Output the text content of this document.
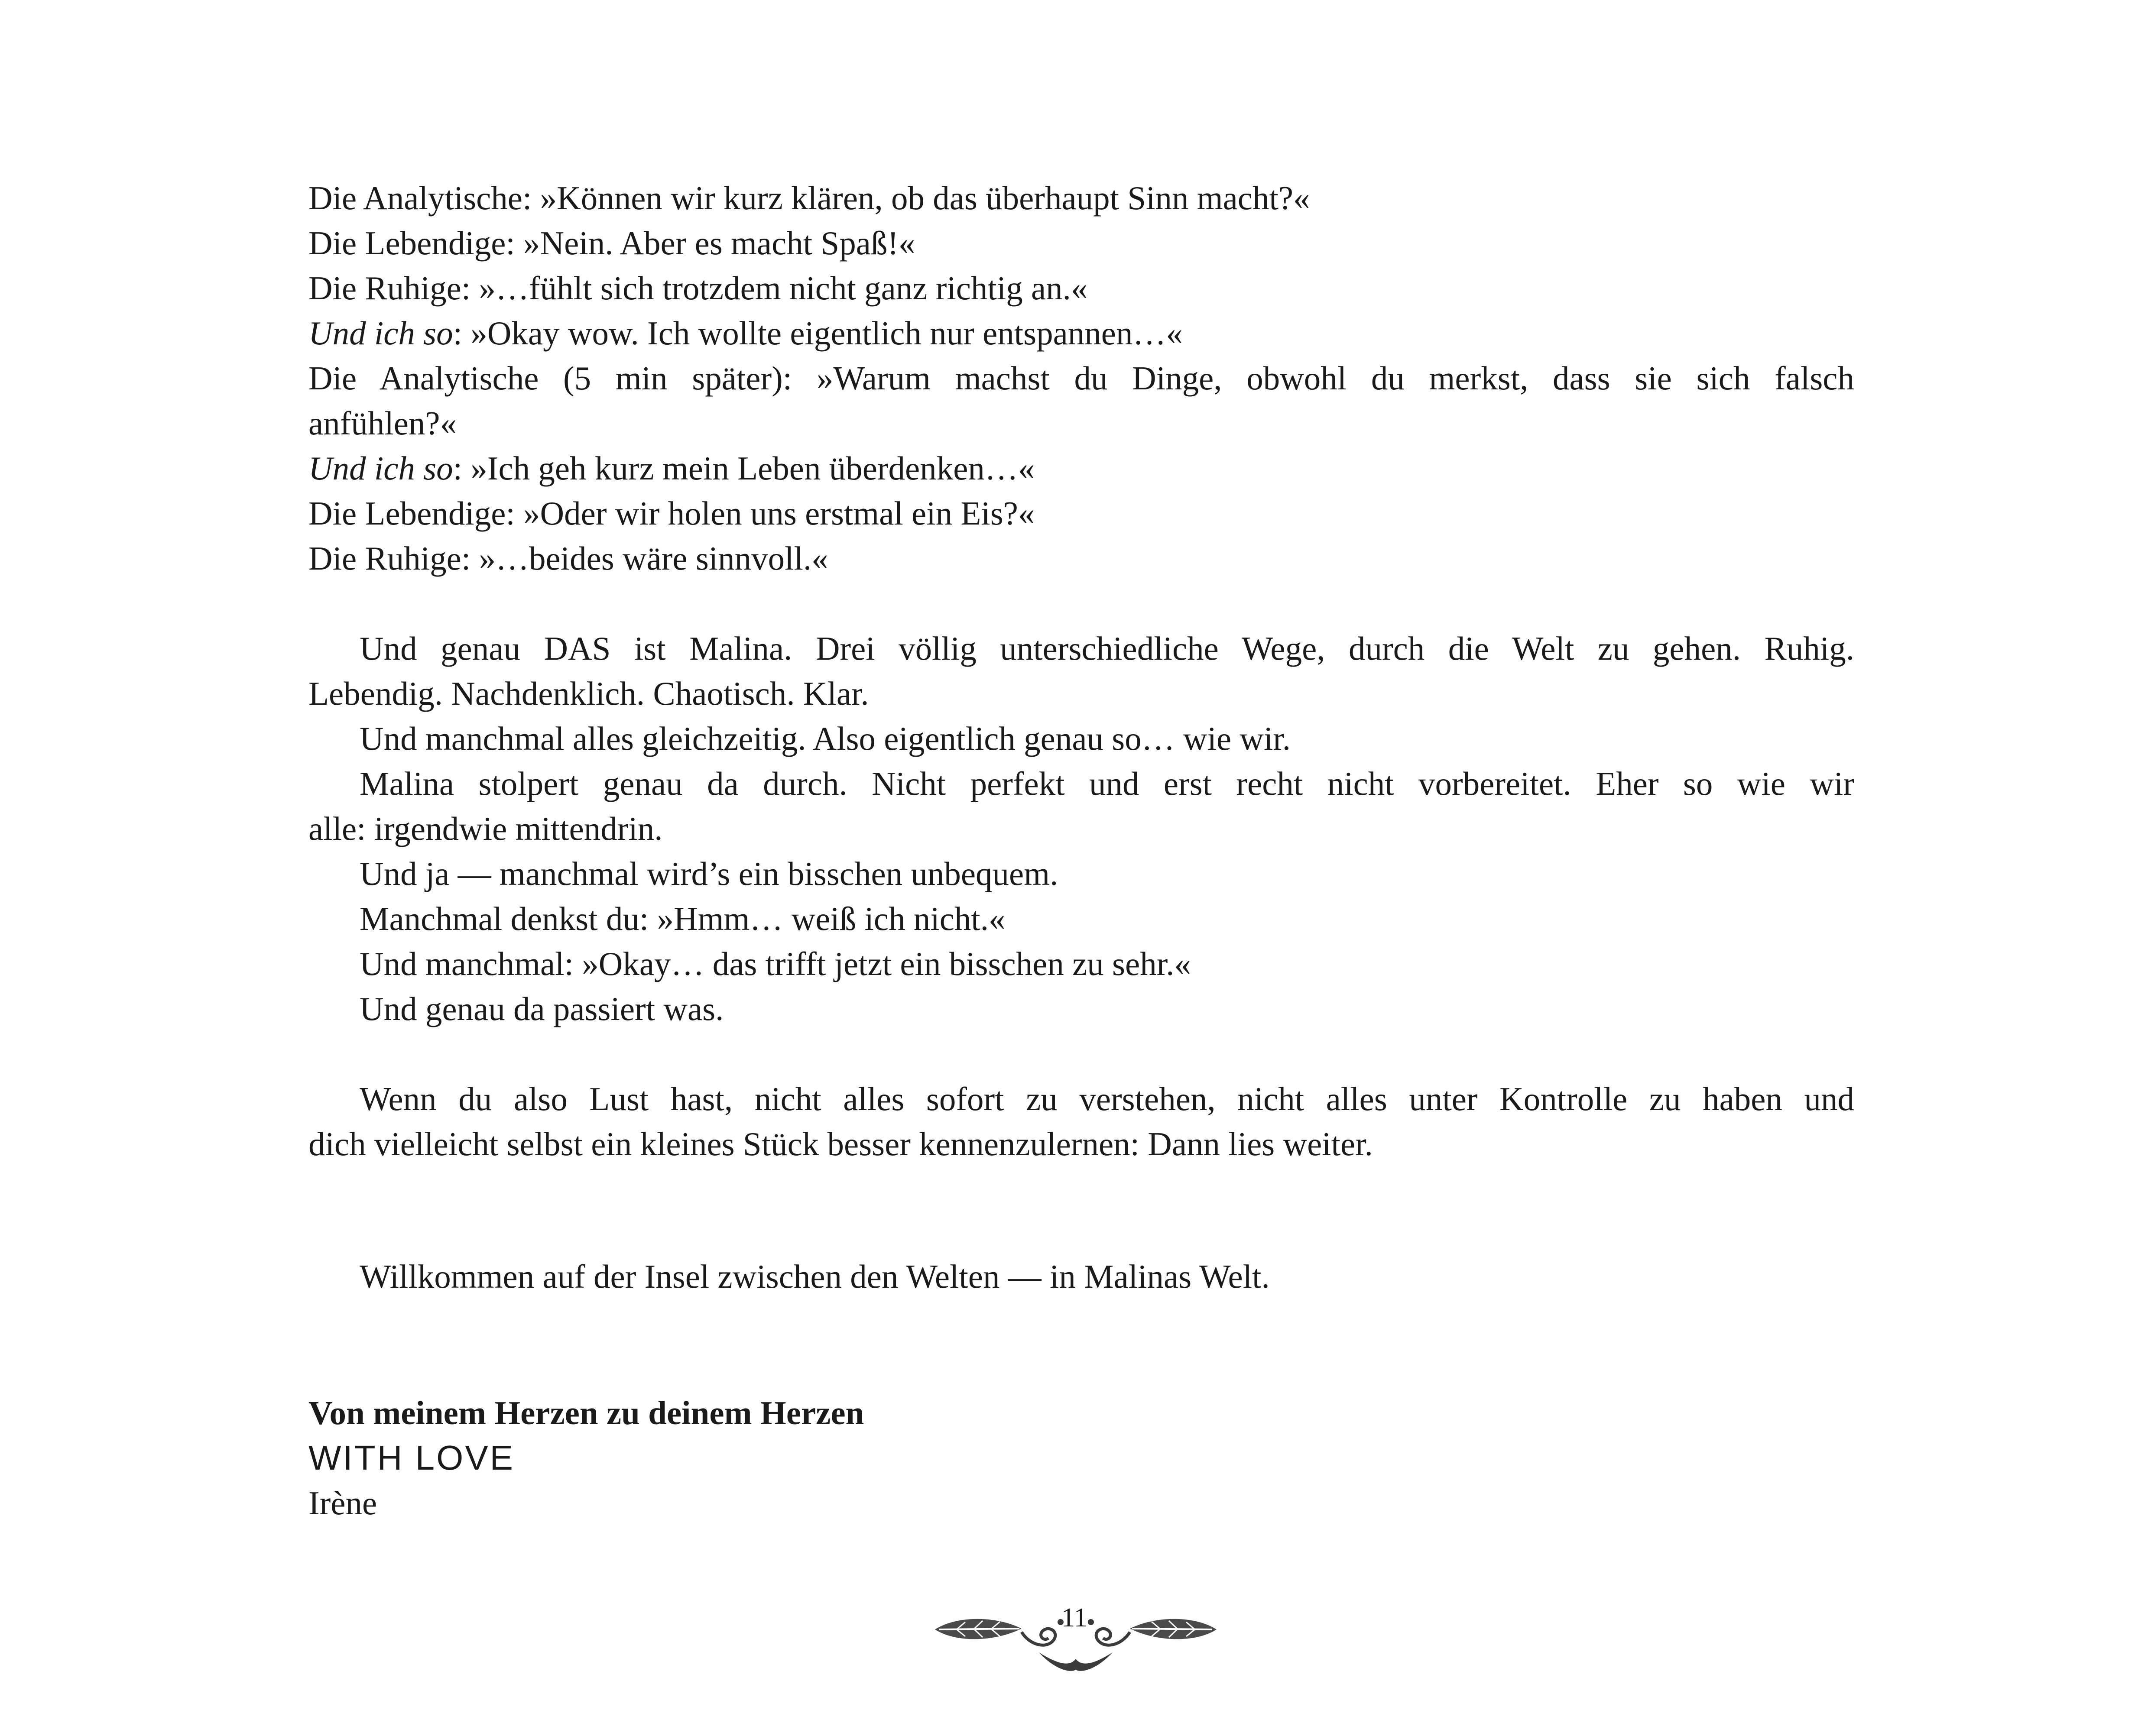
Die Analytische: »Können wir kurz klären, ob das überhaupt Sinn macht?«
Die Lebendige: »Nein. Aber es macht Spaß!«
Die Ruhige: »…fühlt sich trotzdem nicht ganz richtig an.«
Und ich so: »Okay wow. Ich wollte eigentlich nur entspannen…«
Die Analytische (5 min später): »Warum machst du Dinge, obwohl du merkst, dass sie sich falsch
anfühlen?«
Und ich so: »Ich geh kurz mein Leben überdenken…«
Die Lebendige: »Oder wir holen uns erstmal ein Eis?«
Die Ruhige: »…beides wäre sinnvoll.«
Und genau DAS ist Malina. Drei völlig unterschiedliche Wege, durch die Welt zu gehen. Ruhig.
Lebendig. Nachdenklich. Chaotisch. Klar.
Und manchmal alles gleichzeitig. Also eigentlich genau so… wie wir.
Malina stolpert genau da durch. Nicht perfekt und erst recht nicht vorbereitet. Eher so wie wir
alle: irgendwie mittendrin.
Und ja — manchmal wird’s ein bisschen unbequem.
Manchmal denkst du: »Hmm… weiß ich nicht.«
Und manchmal: »Okay… das trifft jetzt ein bisschen zu sehr.«
Und genau da passiert was.
Wenn du also Lust hast, nicht alles sofort zu verstehen, nicht alles unter Kontrolle zu haben und
dich vielleicht selbst ein kleines Stück besser kennenzulernen: Dann lies weiter.
Willkommen auf der Insel zwischen den Welten — in Malinas Welt.
Von meinem Herzen zu deinem Herzen
WITH LOVE
Irène
11
